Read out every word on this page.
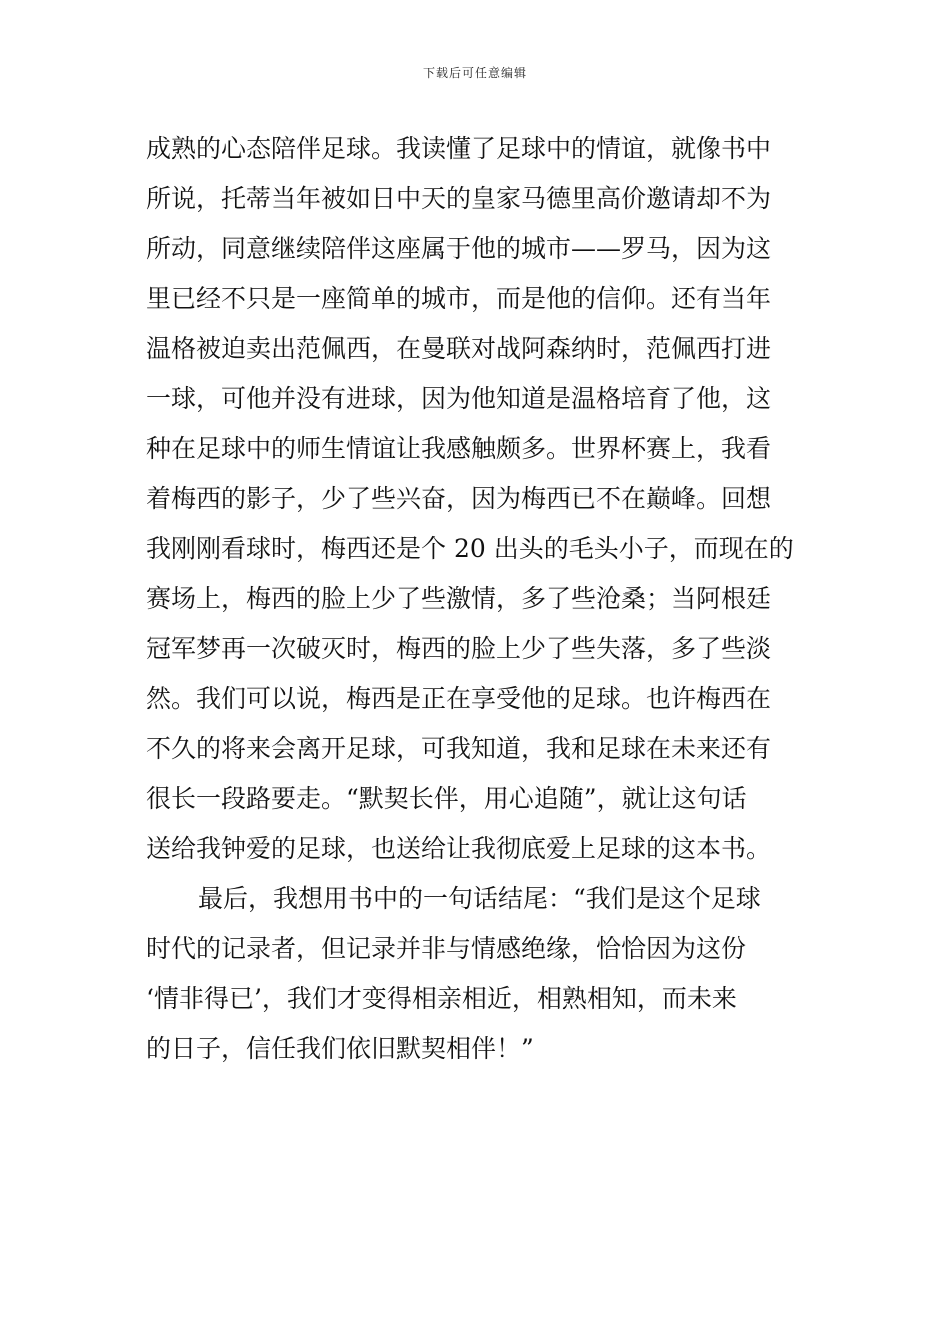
下载后可任意编辑
成熟的心态陪伴足球。我读懂了足球中的情谊，就像书中
所说，托蒂当年被如日中天的皇家马德里高价邀请却不为
所动，同意继续陪伴这座属于他的城市——罗马，因为这
里已经不只是一座简单的城市，而是他的信仰。还有当年
温格被迫卖出范佩西，在曼联对战阿森纳时，范佩西打进
一球，可他并没有进球，因为他知道是温格培育了他，这
种在足球中的师生情谊让我感触颇多。世界杯赛上，我看
着梅西的影子，少了些兴奋，因为梅西已不在巅峰。回想
我刚刚看球时，梅西还是个 20 出头的毛头小子，而现在的
赛场上，梅西的脸上少了些激情，多了些沧桑；当阿根廷
冠军梦再一次破灭时，梅西的脸上少了些失落，多了些淡
然。我们可以说，梅西是正在享受他的足球。也许梅西在
不久的将来会离开足球，可我知道，我和足球在未来还有
很长一段路要走。“默契长伴，用心追随”，就让这句话
送给我钟爱的足球，也送给让我彻底爱上足球的这本书。
最后，我想用书中的一句话结尾：“我们是这个足球
时代的记录者，但记录并非与情感绝缘，恰恰因为这份
‘情非得已’，我们才变得相亲相近，相熟相知，而未来
的日子，信任我们依旧默契相伴！”
